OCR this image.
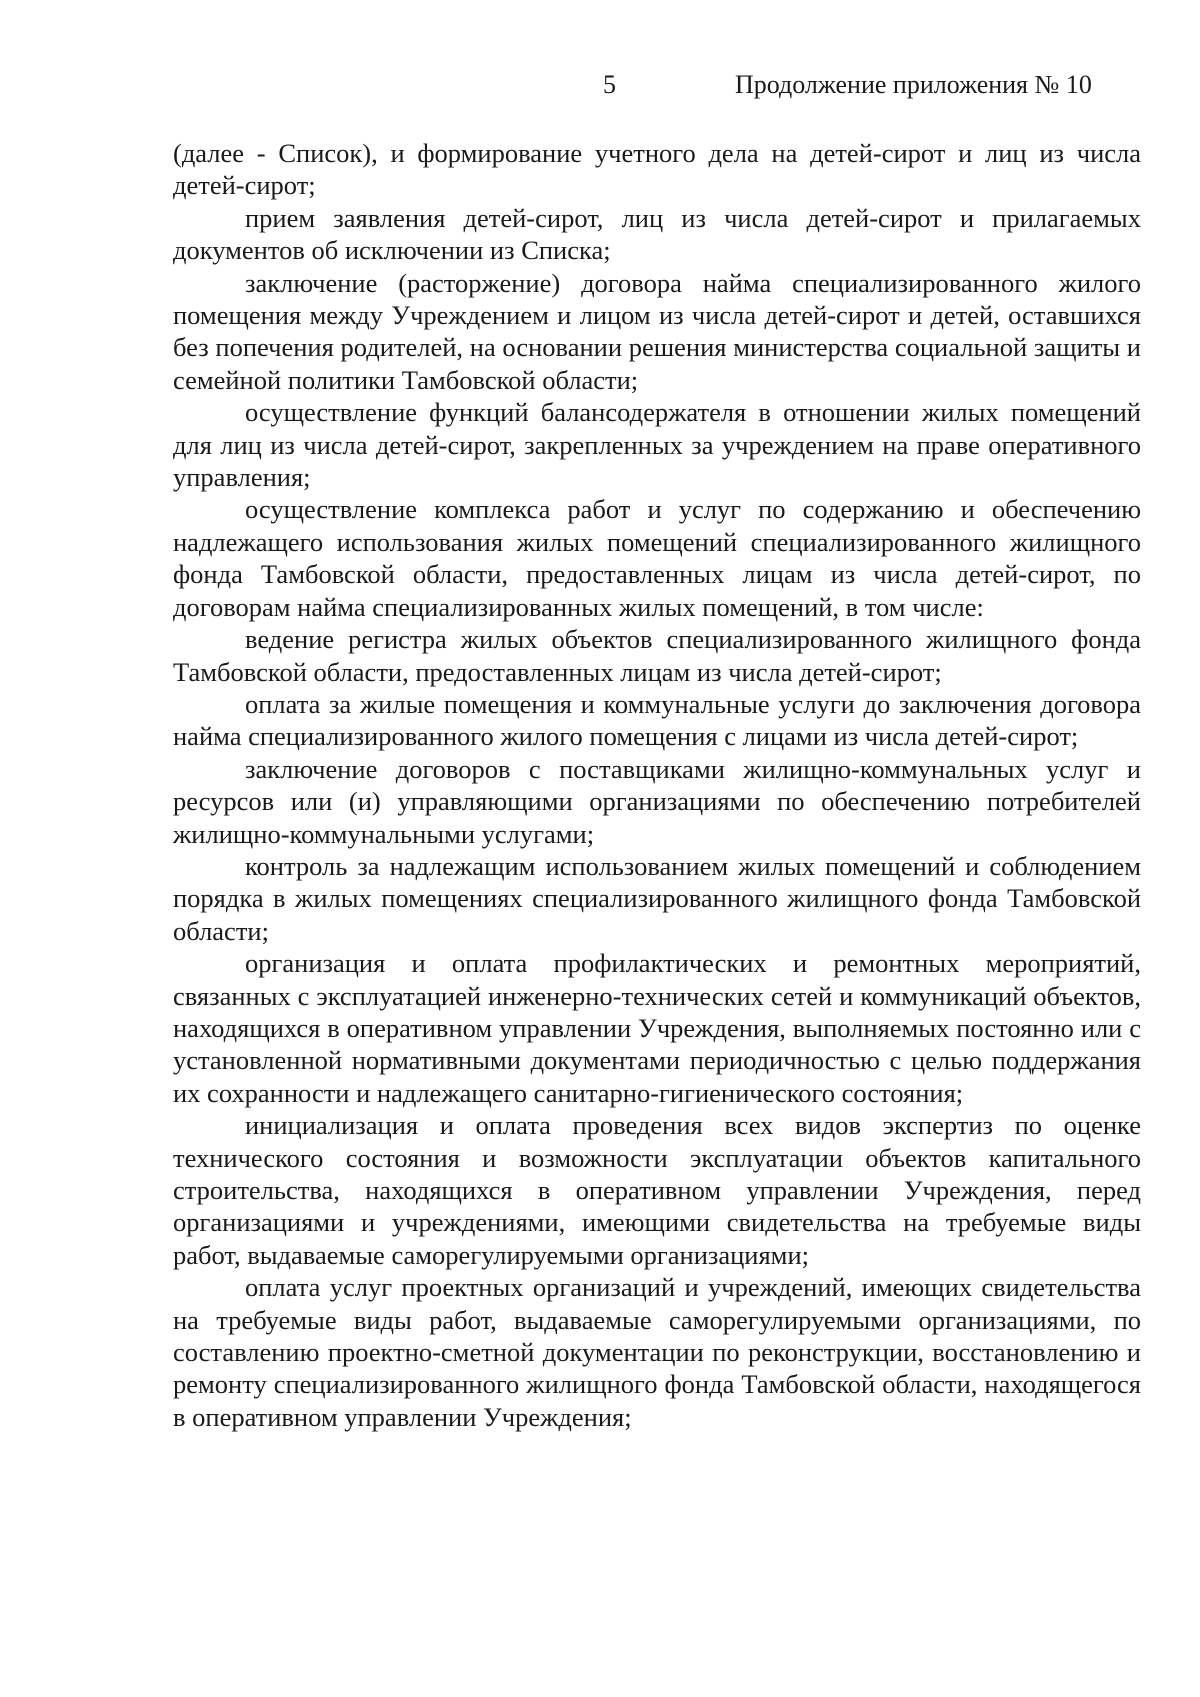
5	Продолжение приложения № 10

(далее - Список), и формирование учетного дела на детей-сирот и лиц из числа детей-сирот;

прием заявления детей-сирот, лиц из числа детей-сирот и прилагаемых документов об исключении из Списка;

заключение (расторжение) договора найма специализированного жилого помещения между Учреждением и лицом из числа детей-сирот и детей, оставшихся без попечения родителей, на основании решения министерства социальной защиты и семейной политики Тамбовской области;

осуществление функций балансодержателя в отношении жилых помещений для лиц из числа детей-сирот, закрепленных за учреждением на праве оперативного управления;

осуществление комплекса работ и услуг по содержанию и обеспечению надлежащего использования жилых помещений специализированного жилищного фонда Тамбовской области, предоставленных лицам из числа детей-сирот, по договорам найма специализированных жилых помещений, в том числе:

ведение регистра жилых объектов специализированного жилищного фонда Тамбовской области, предоставленных лицам из числа детей-сирот;

оплата за жилые помещения и коммунальные услуги до заключения договора найма специализированного жилого помещения с лицами из числа детей-сирот;

заключение договоров с поставщиками жилищно-коммунальных услуг и ресурсов или (и) управляющими организациями по обеспечению потребителей жилищно-коммунальными услугами;

контроль за надлежащим использованием жилых помещений и соблюдением порядка в жилых помещениях специализированного жилищного фонда Тамбовской области;

организация и оплата профилактических и ремонтных мероприятий, связанных с эксплуатацией инженерно-технических сетей и коммуникаций объектов, находящихся в оперативном управлении Учреждения, выполняемых постоянно или с установленной нормативными документами периодичностью с целью поддержания их сохранности и надлежащего санитарно-гигиенического состояния;

инициализация и оплата проведения всех видов экспертиз по оценке технического состояния и возможности эксплуатации объектов капитального строительства, находящихся в оперативном управлении Учреждения, перед организациями и учреждениями, имеющими свидетельства на требуемые виды работ, выдаваемые саморегулируемыми организациями;

оплата услуг проектных организаций и учреждений, имеющих свидетельства на требуемые виды работ, выдаваемые саморегулируемыми организациями, по составлению проектно-сметной документации по реконструкции, восстановлению и ремонту специализированного жилищного фонда Тамбовской области, находящегося в оперативном управлении Учреждения;
